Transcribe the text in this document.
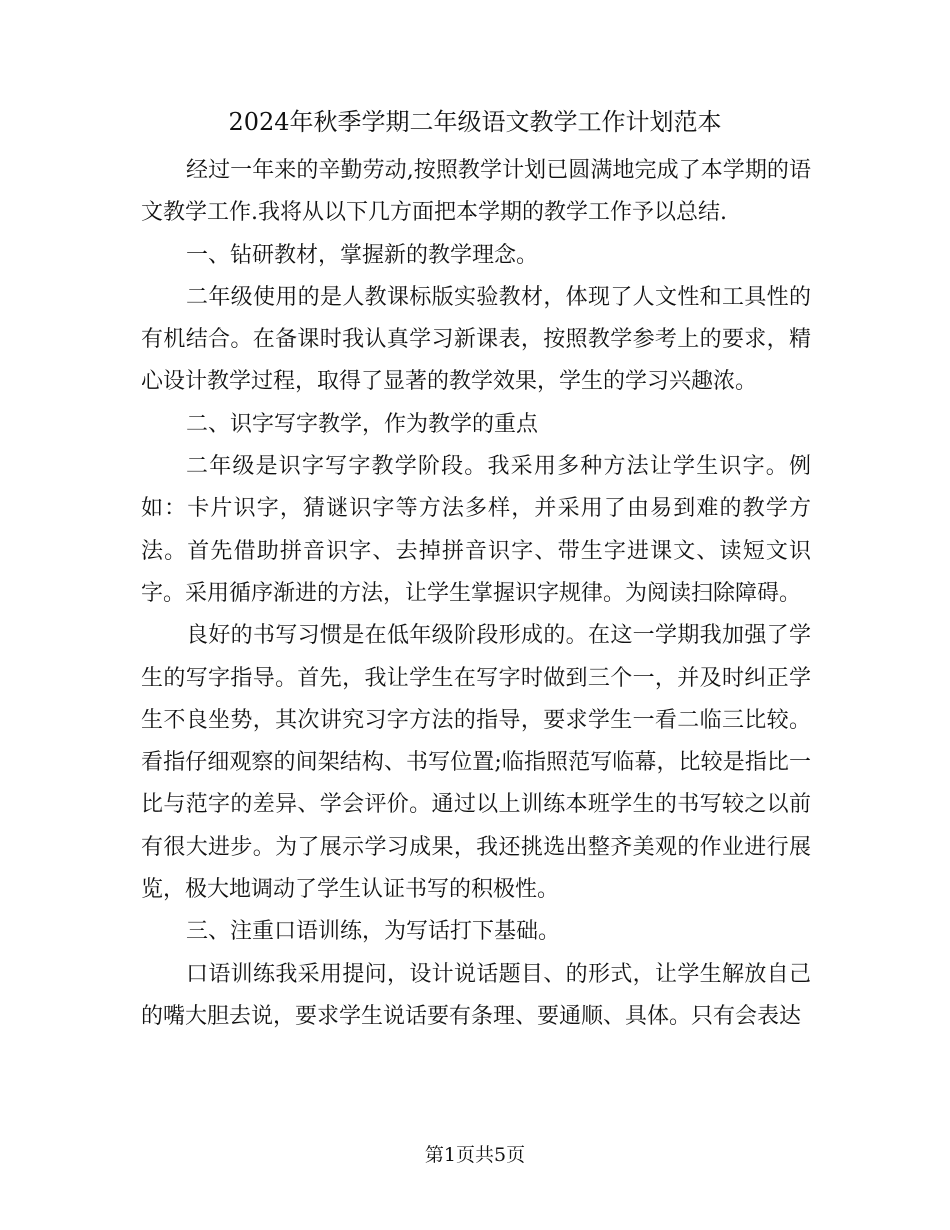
2024年秋季学期二年级语文教学工作计划范本

经过一年来的辛勤劳动,按照教学计划已圆满地完成了本学期的语文教学工作.我将从以下几方面把本学期的教学工作予以总结.

一、钻研教材，掌握新的教学理念。

二年级使用的是人教课标版实验教材，体现了人文性和工具性的有机结合。在备课时我认真学习新课表，按照教学参考上的要求，精心设计教学过程，取得了显著的教学效果，学生的学习兴趣浓。

二、识字写字教学，作为教学的重点

二年级是识字写字教学阶段。我采用多种方法让学生识字。例如：卡片识字，猜谜识字等方法多样，并采用了由易到难的教学方法。首先借助拼音识字、去掉拼音识字、带生字进课文、读短文识字。采用循序渐进的方法，让学生掌握识字规律。为阅读扫除障碍。

良好的书写习惯是在低年级阶段形成的。在这一学期我加强了学生的写字指导。首先，我让学生在写字时做到三个一，并及时纠正学生不良坐势，其次讲究习字方法的指导，要求学生一看二临三比较。看指仔细观察的间架结构、书写位置;临指照范写临幕，比较是指比一比与范字的差异、学会评价。通过以上训练本班学生的书写较之以前有很大进步。为了展示学习成果，我还挑选出整齐美观的作业进行展览，极大地调动了学生认证书写的积极性。

三、注重口语训练，为写话打下基础。

口语训练我采用提问，设计说话题目、的形式，让学生解放自己的嘴大胆去说，要求学生说话要有条理、要通顺、具体。只有会表达

第1页共5页
